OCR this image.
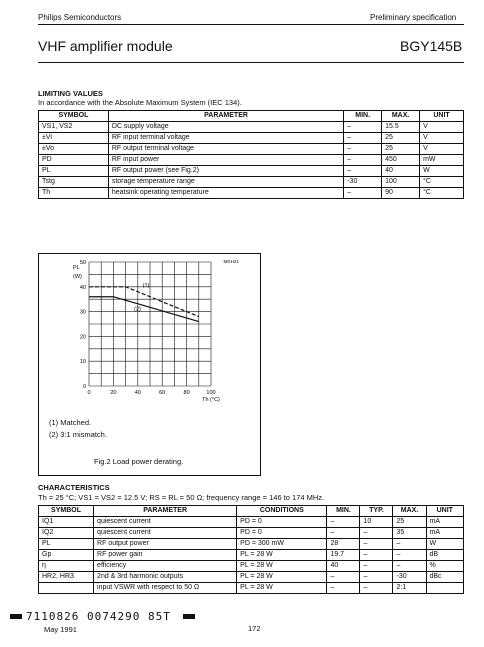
Philips Semiconductors	Preliminary specification
VHF amplifier module	BGY145B
LIMITING VALUES
In accordance with the Absolute Maximum System (IEC 134).
SYMBOL	PARAMETER	MIN.	MAX.	UNIT
VS1, VS2	DC supply voltage	–	15.5	V
±Vi	RF input terminal voltage	–	25	V
±Vo	RF output terminal voltage	–	25	V
PD	RF input power	–	450	mW
PL	RF output power (see Fig.2)	–	40	W
Tstg	storage temperature range	-30	100	°C
Th	heatsink operating temperature	–	90	°C
0
10
20
30
40
50
0	20	40	60	80	100
PL
(W)
Th (°C)
MGH21
(1)
(2)
(1) Matched.
(2) 3:1 mismatch.
Fig.2 Load power derating.
CHARACTERISTICS
Th = 25 °C; VS1 = VS2 = 12.5 V; RS = RL = 50 Ω; frequency range = 146 to 174 MHz.
SYMBOL	PARAMETER	CONDITIONS	MIN.	TYP.	MAX.	UNIT
IQ1	quiescent current	PD = 0	–	10	25	mA
IQ2	quiescent current	PD = 0	–	–	35	mA
PL	RF output power	PD = 300 mW	28	–	–	W
Gp	RF power gain	PL = 28 W	19.7	–	–	dB
η	efficiency	PL = 28 W	40	–	–	%
HR2, HR3	2nd & 3rd harmonic outputs	PL = 28 W	–	–	-30	dBc
	input VSWR with respect to 50 Ω	PL = 28 W	–	–	2:1	
7110826 0074290 85T
May 1991	172
